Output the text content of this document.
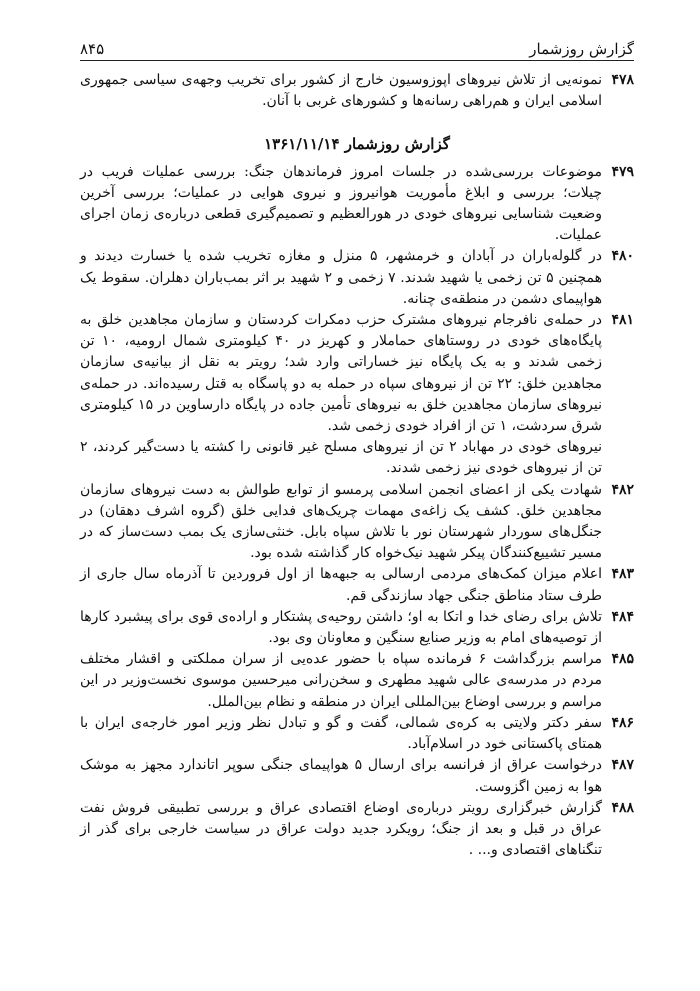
گزارش روزشمار
۸۴۵
۴۷۸
نمونه‌یی از تلاش نیروهای اپوزوسیون خارج از کشور برای تخریب وجهه‌ی سیاسی جمهوری اسلامی ایران و هم‌راهی رسانه‌ها و کشورهای غربی با آنان.
گزارش روزشمار ۱۳۶۱/۱۱/۱۴
۴۷۹
موضوعات بررسی‌شده در جلسات امروز فرماندهان جنگ: بررسی عملیات فریب در چیلات؛ بررسی و ابلاغ مأموریت هوانیروز و نیروی هوایی در عملیات؛ بررسی آخرین وضعیت شناسایی نیروهای خودی در هورالعظیم و تصمیم‌گیری قطعی درباره‌ی زمان اجرای عملیات.
۴۸۰
در گلوله‌باران در آبادان و خرمشهر، ۵ منزل و مغازه تخریب شده یا خسارت دیدند و همچنین ۵ تن زخمی یا شهید شدند. ۷ زخمی و ۲ شهید بر اثر بمب‌باران دهلران. سقوط یک هواپیمای دشمن در منطقه‌ی چنانه.
۴۸۱
در حمله‌ی نافرجام نیروهای مشترک حزب دمکرات کردستان و سازمان مجاهدین خلق به پایگاه‌های خودی در روستاهای حماملار و کهریز در ۴۰ کیلومتری شمال ارومیه، ۱۰ تن زخمی شدند و به یک پایگاه نیز خساراتی وارد شد؛ رویتر به نقل از بیانیه‌ی سازمان مجاهدین خلق: ۲۲ تن از نیروهای سپاه در حمله به دو پاسگاه به قتل رسیده‌اند. در حمله‌ی نیروهای سازمان مجاهدین خلق به نیروهای تأمین جاده در پایگاه دارساوین در ۱۵ کیلومتری شرق سردشت، ۱ تن از افراد خودی زخمی شد.
نیروهای خودی در مهاباد ۲ تن از نیروهای مسلح غیر قانونی را کشته یا دست‌گیر کردند، ۲ تن از نیروهای خودی نیز زخمی شدند.
۴۸۲
شهادت یکی از اعضای انجمن اسلامی پرمسو از توابع طوالش به دست نیروهای سازمان مجاهدین خلق. کشف یک زاغه‌ی مهمات چریک‌های فدایی خلق (گروه اشرف دهقان) در جنگل‌های سوردار شهرستان نور با تلاش سپاه بابل. خنثی‌سازی یک بمب دست‌ساز که در مسیر تشییع‌کنندگان پیکر شهید نیک‌خواه کار گذاشته شده بود.
۴۸۳
اعلام میزان کمک‌های مردمی ارسالی به جبهه‌ها از اول فروردین تا آذرماه سال جاری از طرف ستاد مناطق جنگی جهاد سازندگی قم.
۴۸۴
تلاش برای رضای خدا و اتکا به او؛ داشتن روحیه‌ی پشتکار و اراده‌ی قوی برای پیشبرد کارها از توصیه‌های امام به وزیر صنایع سنگین و معاونان وی بود.
۴۸۵
مراسم بزرگداشت ۶ فرمانده سپاه با حضور عده‌یی از سران مملکتی و اقشار مختلف مردم در مدرسه‌ی عالی شهید مطهری و سخن‌رانی میرحسین موسوی نخست‌وزیر در این مراسم و بررسی اوضاع بین‌المللی ایران در منطقه و نظام بین‌الملل.
۴۸۶
سفر دکتر ولایتی به کره‌ی شمالی، گفت و گو و تبادل نظر وزیر امور خارجه‌ی ایران با همتای پاکستانی خود در اسلام‌آباد.
۴۸۷
درخواست عراق از فرانسه برای ارسال ۵ هواپیمای جنگی سوپر اتاندارد مجهز به موشک هوا به زمین اگزوست.
۴۸۸
گزارش خبرگزاری رویتر درباره‌ی اوضاع اقتصادی عراق و بررسی تطبیقی فروش نفت عراق در قبل و بعد از جنگ؛ رویکرد جدید دولت عراق در سیاست خارجی برای گذر از تنگناهای اقتصادی و... .
